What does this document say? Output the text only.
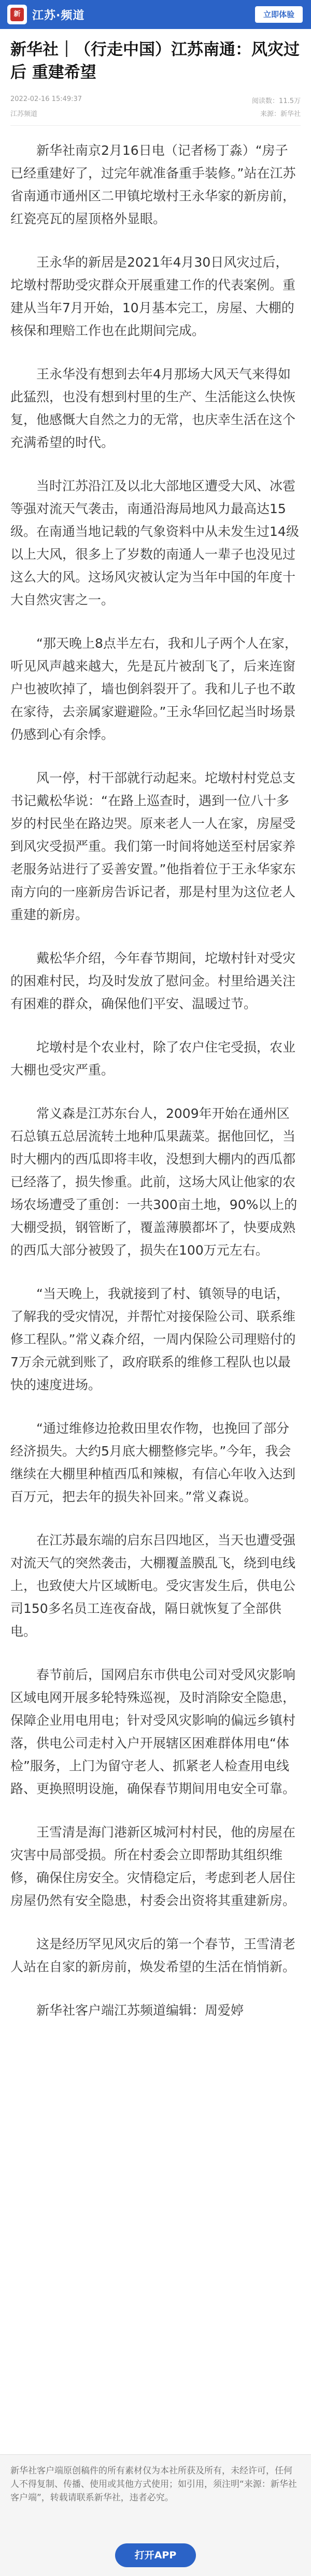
新 江苏·频道	立即体验
新华社｜（行走中国）江苏南通：风灾过后 重建希望
2022-02-16 15:49:37	阅读数：11.5万
江苏频道	来源：新华社

新华社南京2月16日电（记者杨丁淼）“房子已经重建好了，过完年就准备重手装修。”站在江苏省南通市通州区二甲镇坨墩村王永华家的新房前，红瓷亮瓦的屋顶格外显眼。

王永华的新居是2021年4月30日风灾过后，坨墩村帮助受灾群众开展重建工作的代表案例。重建从当年7月开始，10月基本完工，房屋、大棚的核保和理赔工作也在此期间完成。

王永华没有想到去年4月那场大风天气来得如此猛烈，也没有想到村里的生产、生活能这么快恢复，他感慨大自然之力的无常，也庆幸生活在这个充满希望的时代。

当时江苏沿江及以北大部地区遭受大风、冰雹等强对流天气袭击，南通沿海局地风力最高达15级。在南通当地记载的气象资料中从未发生过14级以上大风，很多上了岁数的南通人一辈子也没见过这么大的风。这场风灾被认定为当年中国的年度十大自然灾害之一。

“那天晚上8点半左右，我和儿子两个人在家，听见风声越来越大，先是瓦片被刮飞了，后来连窗户也被吹掉了，墙也倒斜裂开了。我和儿子也不敢在家待，去亲属家避避险。”王永华回忆起当时场景仍感到心有余悸。

风一停，村干部就行动起来。坨墩村村党总支书记戴松华说：“在路上巡查时，遇到一位八十多岁的村民坐在路边哭。原来老人一人在家，房屋受到风灾受损严重。我们第一时间将她送至村居家养老服务站进行了妥善安置。”他指着位于王永华家东南方向的一座新房告诉记者，那是村里为这位老人重建的新房。

戴松华介绍，今年春节期间，坨墩村针对受灾的困难村民，均及时发放了慰问金。村里给遇关注有困难的群众，确保他们平安、温暖过节。

坨墩村是个农业村，除了农户住宅受损，农业大棚也受灾严重。

常义森是江苏东台人，2009年开始在通州区石总镇五总居流转土地种瓜果蔬菜。据他回忆，当时大棚内的西瓜即将丰收，没想到大棚内的西瓜都已经落了，损失惨重。此前，这场大风让他家的农场农场遭受了重创：一共300亩土地，90%以上的大棚受损，钢管断了，覆盖薄膜都坏了，快要成熟的西瓜大部分被毁了，损失在100万元左右。

“当天晚上，我就接到了村、镇领导的电话，了解我的受灾情况，并帮忙对接保险公司、联系维修工程队。”常义森介绍，一周内保险公司理赔付的7万余元就到账了，政府联系的维修工程队也以最快的速度进场。

“通过维修边抢救田里农作物，也挽回了部分经济损失。大约5月底大棚整修完毕。”今年，我会继续在大棚里种植西瓜和辣椒，有信心年收入达到百万元，把去年的损失补回来。”常义森说。

在江苏最东端的启东吕四地区，当天也遭受强对流天气的突然袭击，大棚覆盖膜乱飞，绕到电线上，也致使大片区域断电。受灾害发生后，供电公司150多名员工连夜奋战，隔日就恢复了全部供电。

春节前后，国网启东市供电公司对受风灾影响区域电网开展多轮特殊巡视，及时消除安全隐患，保障企业用电用电；针对受风灾影响的偏远乡镇村落，供电公司走村入户开展辖区困难群体用电“体检”服务，上门为留守老人、抓紧老人检查用电线路、更换照明设施，确保春节期间用电安全可靠。

王雪清是海门港新区城河村村民，他的房屋在灾害中局部受损。所在村委会立即帮助其组织维修，确保住房安全。灾情稳定后，考虑到老人居住房屋仍然有安全隐患，村委会出资将其重建新房。

这是经历罕见风灾后的第一个春节，王雪清老人站在自家的新房前，焕发希望的生活在悄悄新。

新华社客户端江苏频道编辑：周爱婷

新华社客户端原创稿件的所有素材仅为本社所获及所有，未经许可，任何人不得复制、传播、使用或其他方式使用；如引用，须注明“来源：新华社客户端”，转载请联系新华社，违者必究。
打开APP
